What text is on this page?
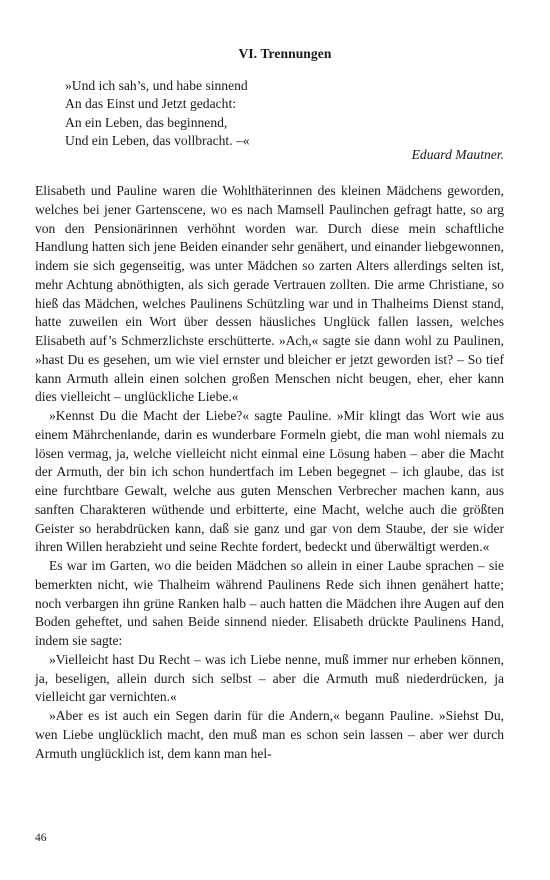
VI. Trennungen
»Und ich sah’s, und habe sinnend
An das Einst und Jetzt gedacht:
An ein Leben, das beginnend,
Und ein Leben, das vollbracht. –«
Eduard Mautner.

Elisabeth und Pauline waren die Wohlthäterinnen des kleinen Mädchens geworden, welches bei jener Gartenscene, wo es nach Mamsell Paulinchen gefragt hatte, so arg von den Pensionärinnen verhöhnt worden war. Durch diese mein schaftliche Handlung hatten sich jene Beiden einander sehr genähert, und einander liebgewonnen, indem sie sich gegenseitig, was unter Mädchen so zarten Alters allerdings selten ist, mehr Achtung abnöthigten, als sich gerade Vertrauen zollten. Die arme Christiane, so hieß das Mädchen, welches Paulinens Schützling war und in Thalheims Dienst stand, hatte zuweilen ein Wort über dessen häusliches Unglück fallen lassen, welches Elisabeth auf’s Schmerzlichste erschütterte. »Ach,« sagte sie dann wohl zu Paulinen, »hast Du es gesehen, um wie viel ernster und bleicher er jetzt geworden ist? – So tief kann Armuth allein einen solchen großen Menschen nicht beugen, eher, eher kann dies vielleicht – unglückliche Liebe.«

»Kennst Du die Macht der Liebe?« sagte Pauline. »Mir klingt das Wort wie aus einem Mährchenlande, darin es wunderbare Formeln giebt, die man wohl niemals zu lösen vermag, ja, welche vielleicht nicht einmal eine Lösung haben – aber die Macht der Armuth, der bin ich schon hundertfach im Leben begegnet – ich glaube, das ist eine furchtbare Gewalt, welche aus guten Menschen Verbrecher machen kann, aus sanften Charakteren wüthende und erbitterte, eine Macht, welche auch die größten Geister so herabdrücken kann, daß sie ganz und gar von dem Staube, der sie wider ihren Willen herabzieht und seine Rechte fordert, bedeckt und überwältigt werden.«

Es war im Garten, wo die beiden Mädchen so allein in einer Laube sprachen – sie bemerkten nicht, wie Thalheim während Paulinens Rede sich ihnen genähert hatte; noch verbargen ihn grüne Ranken halb – auch hatten die Mädchen ihre Augen auf den Boden geheftet, und sahen Beide sinnend nieder. Elisabeth drückte Paulinens Hand, indem sie sagte:

»Vielleicht hast Du Recht – was ich Liebe nenne, muß immer nur erheben können, ja, beseligen, allein durch sich selbst – aber die Armuth muß niederdrücken, ja vielleicht gar vernichten.«

»Aber es ist auch ein Segen darin für die Andern,« begann Pauline. »Siehst Du, wen Liebe unglücklich macht, den muß man es schon sein lassen – aber wer durch Armuth unglücklich ist, dem kann man hel-

46
